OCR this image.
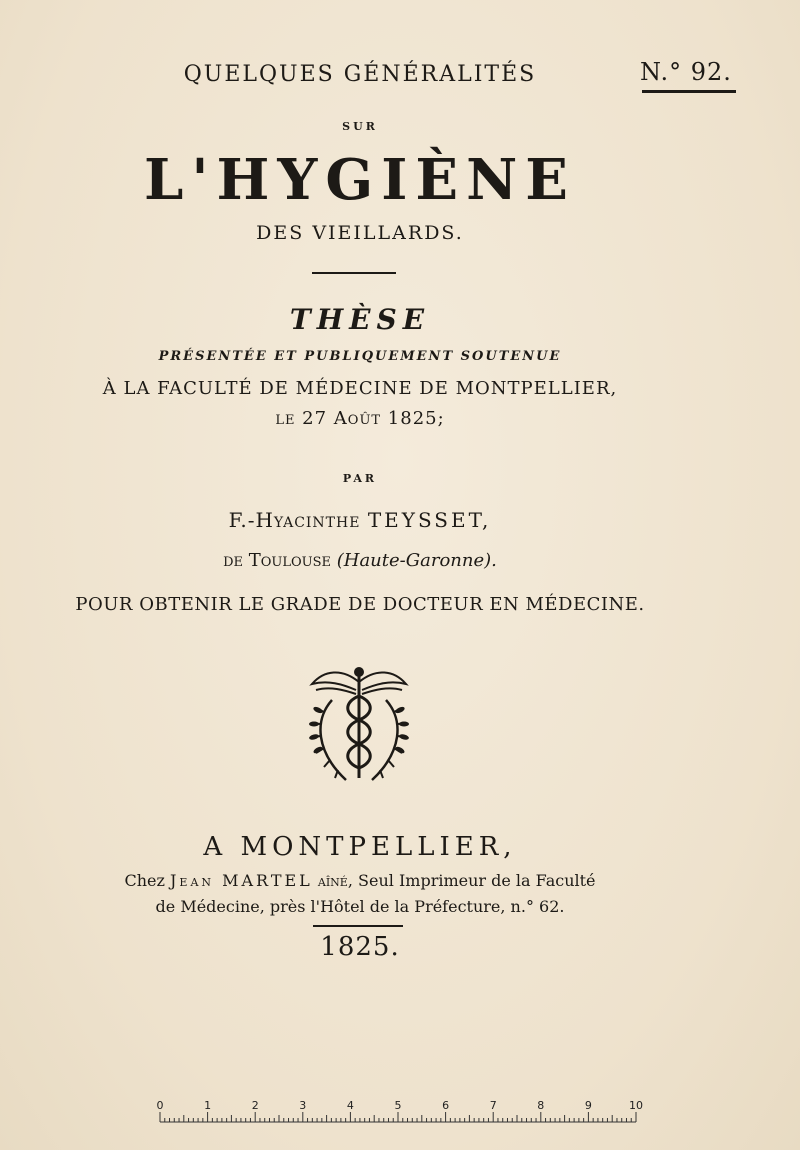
QUELQUES GÉNÉRALITÉS	N.° 92.
SUR
L'HYGIÈNE
DES VIEILLARDS.
THÈSE
PRÉSENTÉE ET PUBLIQUEMENT SOUTENUE
À LA FACULTÉ DE MÉDECINE DE MONTPELLIER,
le 27 Août 1825;
PAR
F.-Hyacinthe TEYSSET,
de Toulouse (Haute-Garonne).
POUR OBTENIR LE GRADE DE DOCTEUR EN MÉDECINE.
A MONTPELLIER,
Chez Jean MARTEL aîné, Seul Imprimeur de la Faculté
de Médecine, près l'Hôtel de la Préfecture, n.° 62.
1825.
0	1	2	3	4	5	6	7	8	9	10
